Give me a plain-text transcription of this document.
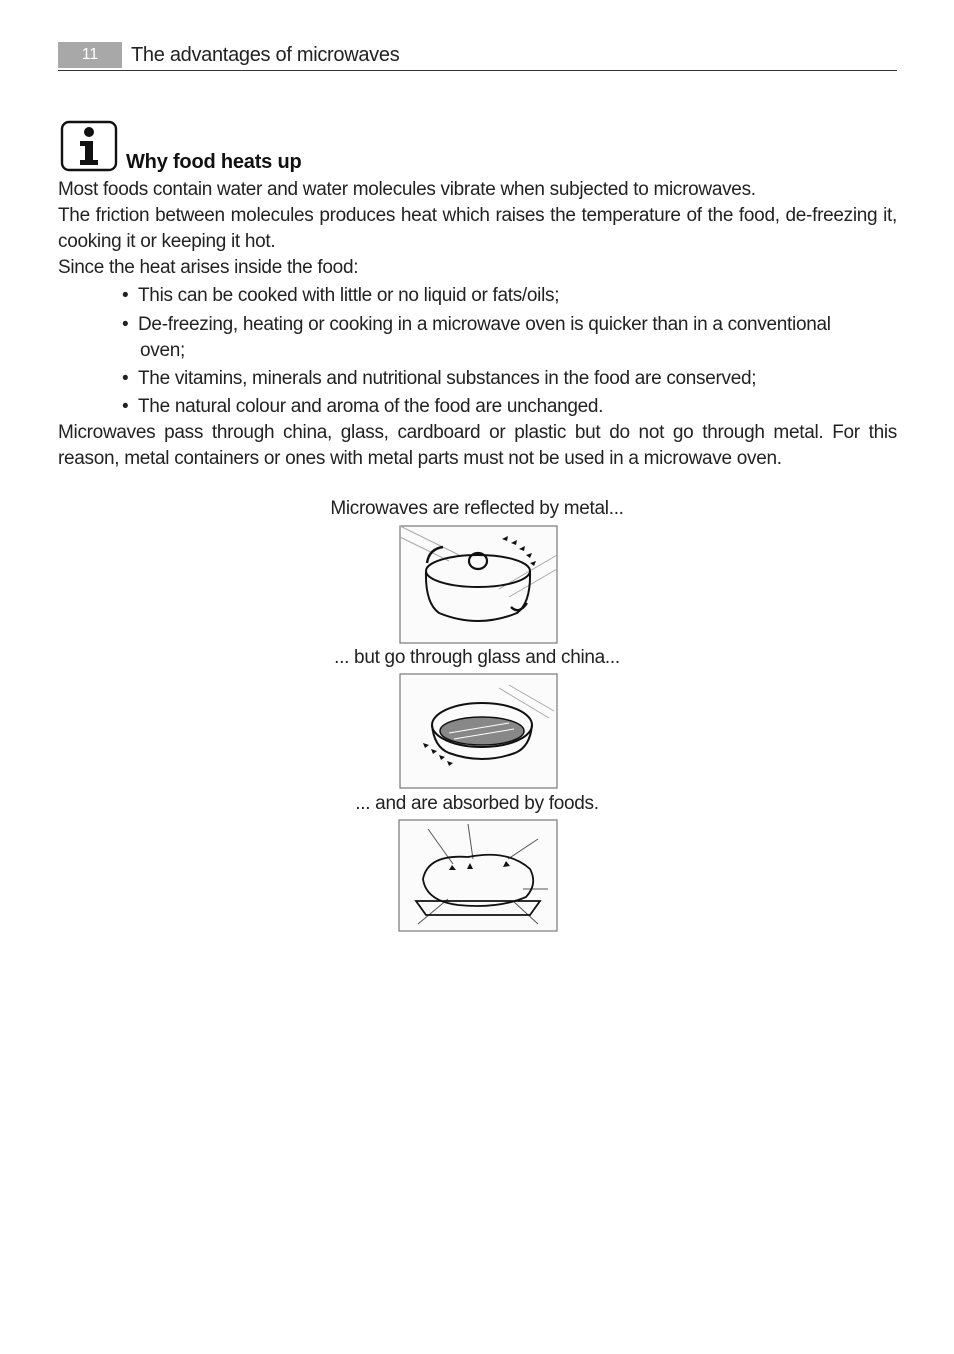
11	The advantages of microwaves
Why food heats up
Most foods contain water and water molecules vibrate when subjected to microwaves.
The friction between molecules produces heat which raises the temperature of the food, de-freezing it, cooking it or keeping it hot.
Since the heat arises inside the food:
• This can be cooked with little or no liquid or fats/oils;
• De-freezing, heating or cooking in a microwave oven is quicker than in a conventional
oven;
• The vitamins, minerals and nutritional substances in the food are conserved;
• The natural colour and aroma of the food are unchanged.
Microwaves pass through china, glass, cardboard or plastic but do not go through metal. For this reason, metal containers or ones with metal parts must not be used in a microwave oven.
Microwaves are reflected by metal...
... but go through glass and china...
... and are absorbed by foods.
